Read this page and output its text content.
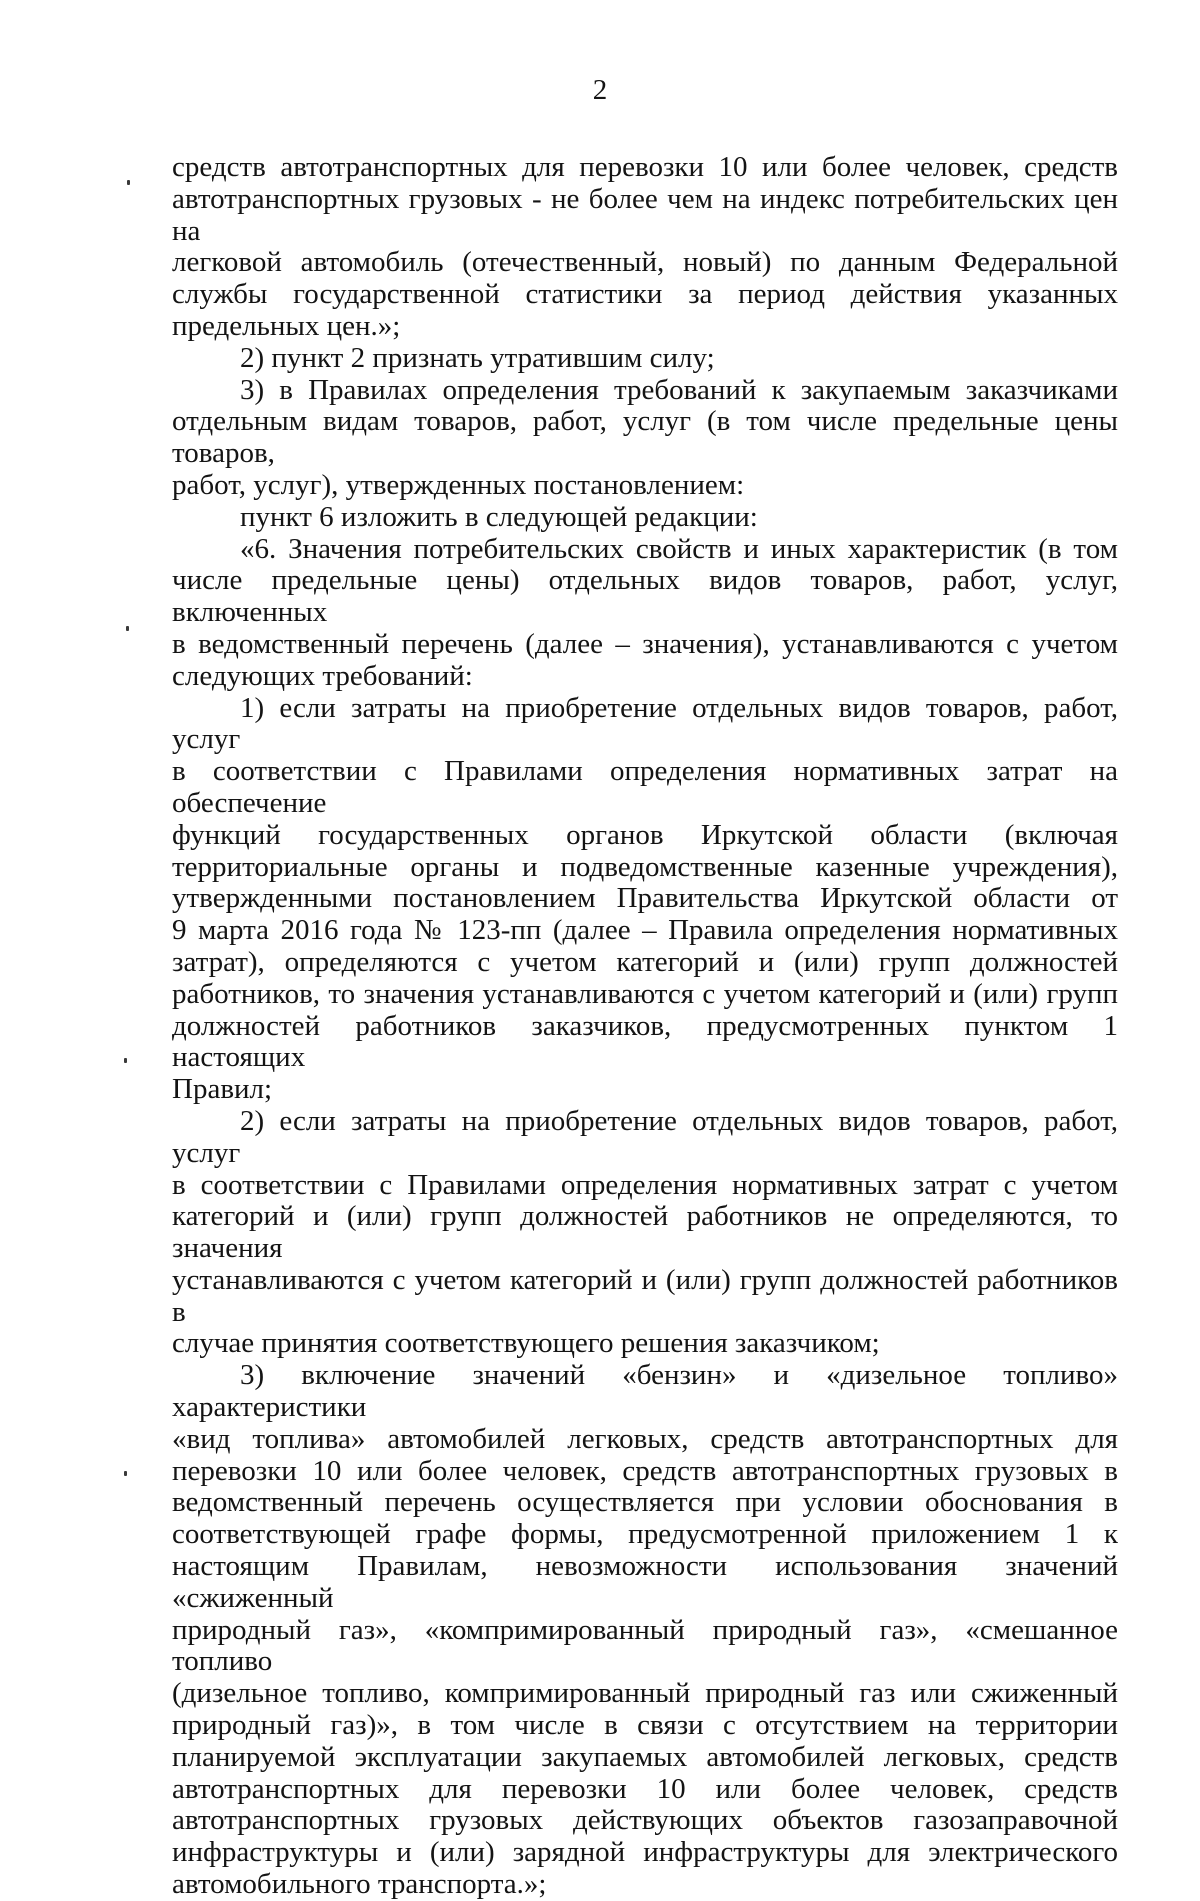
2
средств автотранспортных для перевозки 10 или более человек, средств
автотранспортных грузовых - не более чем на индекс потребительских цен на
легковой автомобиль (отечественный, новый) по данным Федеральной
службы государственной статистики за период действия указанных
предельных цен.»;
2) пункт 2 признать утратившим силу;
3) в Правилах определения требований к закупаемым заказчиками
отдельным видам товаров, работ, услуг (в том числе предельные цены товаров,
работ, услуг), утвержденных постановлением:
пункт 6 изложить в следующей редакции:
«6. Значения потребительских свойств и иных характеристик (в том
числе предельные цены) отдельных видов товаров, работ, услуг, включенных
в ведомственный перечень (далее – значения), устанавливаются с учетом
следующих требований:
1) если затраты на приобретение отдельных видов товаров, работ, услуг
в соответствии с Правилами определения нормативных затрат на обеспечение
функций государственных органов Иркутской области (включая
территориальные органы и подведомственные казенные учреждения),
утвержденными постановлением Правительства Иркутской области от
9 марта 2016 года № 123-пп (далее – Правила определения нормативных
затрат), определяются с учетом категорий и (или) групп должностей
работников, то значения устанавливаются с учетом категорий и (или) групп
должностей работников заказчиков, предусмотренных пунктом 1 настоящих
Правил;
2) если затраты на приобретение отдельных видов товаров, работ, услуг
в соответствии с Правилами определения нормативных затрат с учетом
категорий и (или) групп должностей работников не определяются, то значения
устанавливаются с учетом категорий и (или) групп должностей работников в
случае принятия соответствующего решения заказчиком;
3) включение значений «бензин» и «дизельное топливо» характеристики
«вид топлива» автомобилей легковых, средств автотранспортных для
перевозки 10 или более человек, средств автотранспортных грузовых в
ведомственный перечень осуществляется при условии обоснования в
соответствующей графе формы, предусмотренной приложением 1 к
настоящим Правилам, невозможности использования значений «сжиженный
природный газ», «компримированный природный газ», «смешанное топливо
(дизельное топливо, компримированный природный газ или сжиженный
природный газ)», в том числе в связи с отсутствием на территории
планируемой эксплуатации закупаемых автомобилей легковых, средств
автотранспортных для перевозки 10 или более человек, средств
автотранспортных грузовых действующих объектов газозаправочной
инфраструктуры и (или) зарядной инфраструктуры для электрического
автомобильного транспорта.»;
